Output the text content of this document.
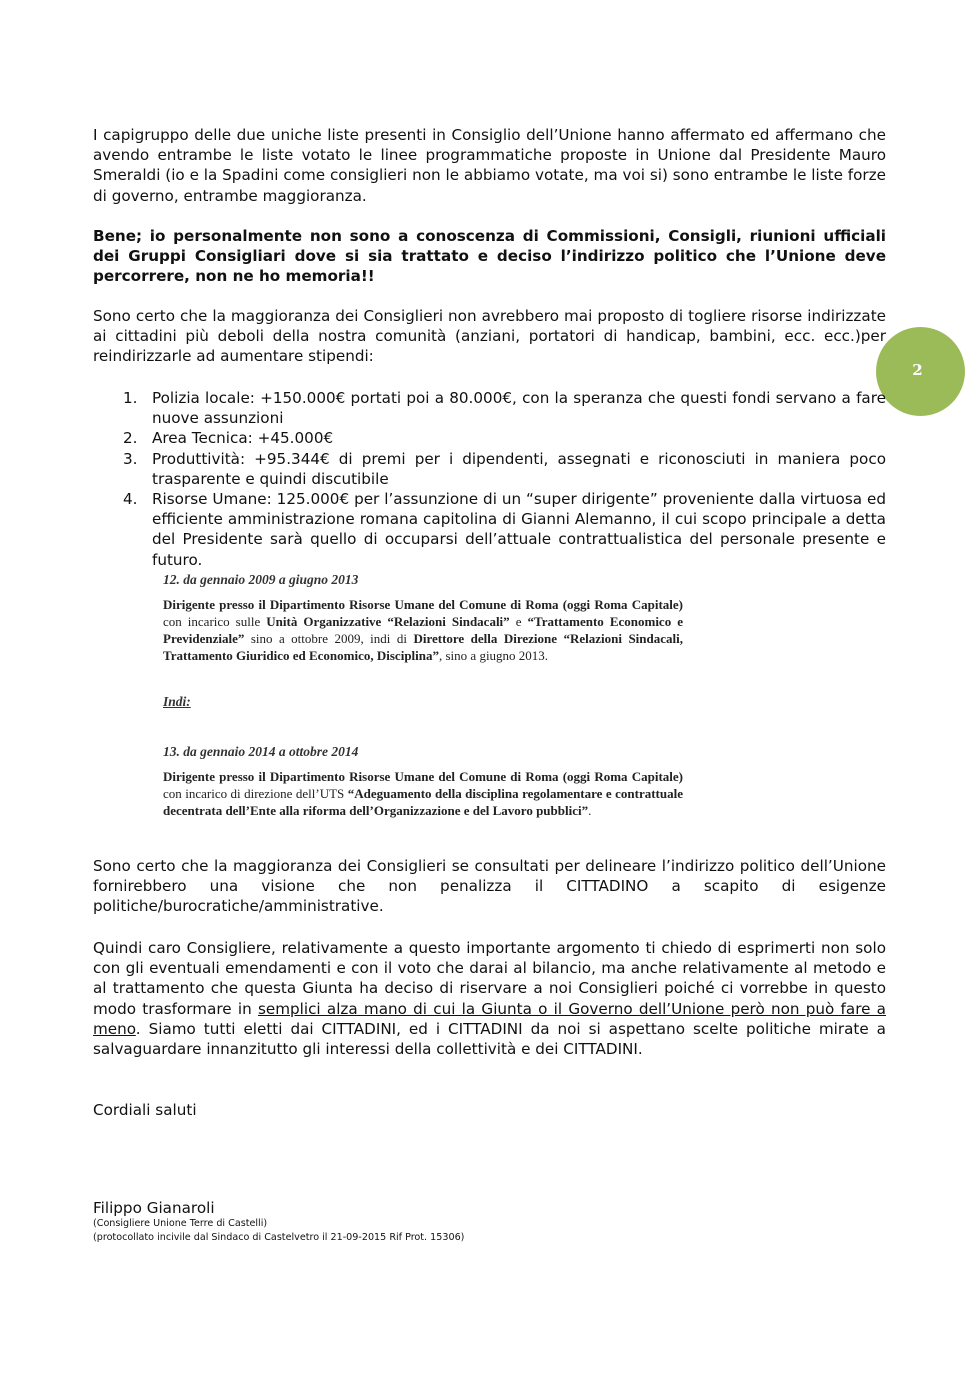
2
I capigruppo delle due uniche liste presenti in Consiglio dell’Unione hanno affermato ed affermano che avendo entrambe le liste votato le linee programmatiche proposte in Unione dal Presidente Mauro Smeraldi (io e la Spadini come consiglieri non le abbiamo votate, ma voi si) sono entrambe le liste forze di governo, entrambe maggioranza.
Bene; io personalmente non sono a conoscenza di Commissioni, Consigli, riunioni ufficiali dei Gruppi Consigliari dove si sia trattato e deciso l’indirizzo politico che l’Unione deve percorrere, non ne ho memoria!!
Sono certo che la maggioranza dei Consiglieri non avrebbero mai proposto di togliere risorse indirizzate ai cittadini più deboli della nostra comunità (anziani, portatori di handicap, bambini, ecc. ecc.)per reindirizzarle ad aumentare stipendi:
1. Polizia locale: +150.000€ portati poi a 80.000€, con la speranza che questi fondi servano a fare nuove assunzioni
2. Area Tecnica: +45.000€
3. Produttività: +95.344€ di premi per i dipendenti, assegnati e riconosciuti in maniera poco trasparente e quindi discutibile
4. Risorse Umane: 125.000€ per l’assunzione di un “super dirigente” proveniente dalla virtuosa ed efficiente amministrazione romana capitolina di Gianni Alemanno, il cui scopo principale a detta del Presidente sarà quello di occuparsi dell’attuale contrattualistica del personale presente e futuro.
12. da gennaio 2009 a giugno 2013
Dirigente presso il Dipartimento Risorse Umane del Comune di Roma (oggi Roma Capitale) con incarico sulle Unità Organizzative “Relazioni Sindacali” e “Trattamento Economico e Previdenziale” sino a ottobre 2009, indi di Direttore della Direzione “Relazioni Sindacali, Trattamento Giuridico ed Economico, Disciplina”, sino a giugno 2013.
Indi:
13. da gennaio 2014 a ottobre 2014
Dirigente presso il Dipartimento Risorse Umane del Comune di Roma (oggi Roma Capitale) con incarico di direzione dell’UTS “Adeguamento della disciplina regolamentare e contrattuale decentrata dell’Ente alla riforma dell’Organizzazione e del Lavoro pubblici”.
Sono certo che la maggioranza dei Consiglieri se consultati per delineare l’indirizzo politico dell’Unione fornirebbero una visione che non penalizza il CITTADINO a scapito di esigenze politiche/burocratiche/amministrative.
Quindi caro Consigliere, relativamente a questo importante argomento ti chiedo di esprimerti non solo con gli eventuali emendamenti e con il voto che darai al bilancio, ma anche relativamente al metodo e al trattamento che questa Giunta ha deciso di riservare a noi Consiglieri poiché ci vorrebbe in questo modo trasformare in semplici alza mano di cui la Giunta o il Governo dell’Unione però non può fare a meno. Siamo tutti eletti dai CITTADINI, ed i CITTADINI da noi si aspettano scelte politiche mirate a salvaguardare innanzitutto gli interessi della collettività e dei CITTADINI.
Cordiali saluti
Filippo Gianaroli
(Consigliere Unione Terre di Castelli)
(protocollato incivile dal Sindaco di Castelvetro il 21-09-2015 Rif Prot. 15306)
